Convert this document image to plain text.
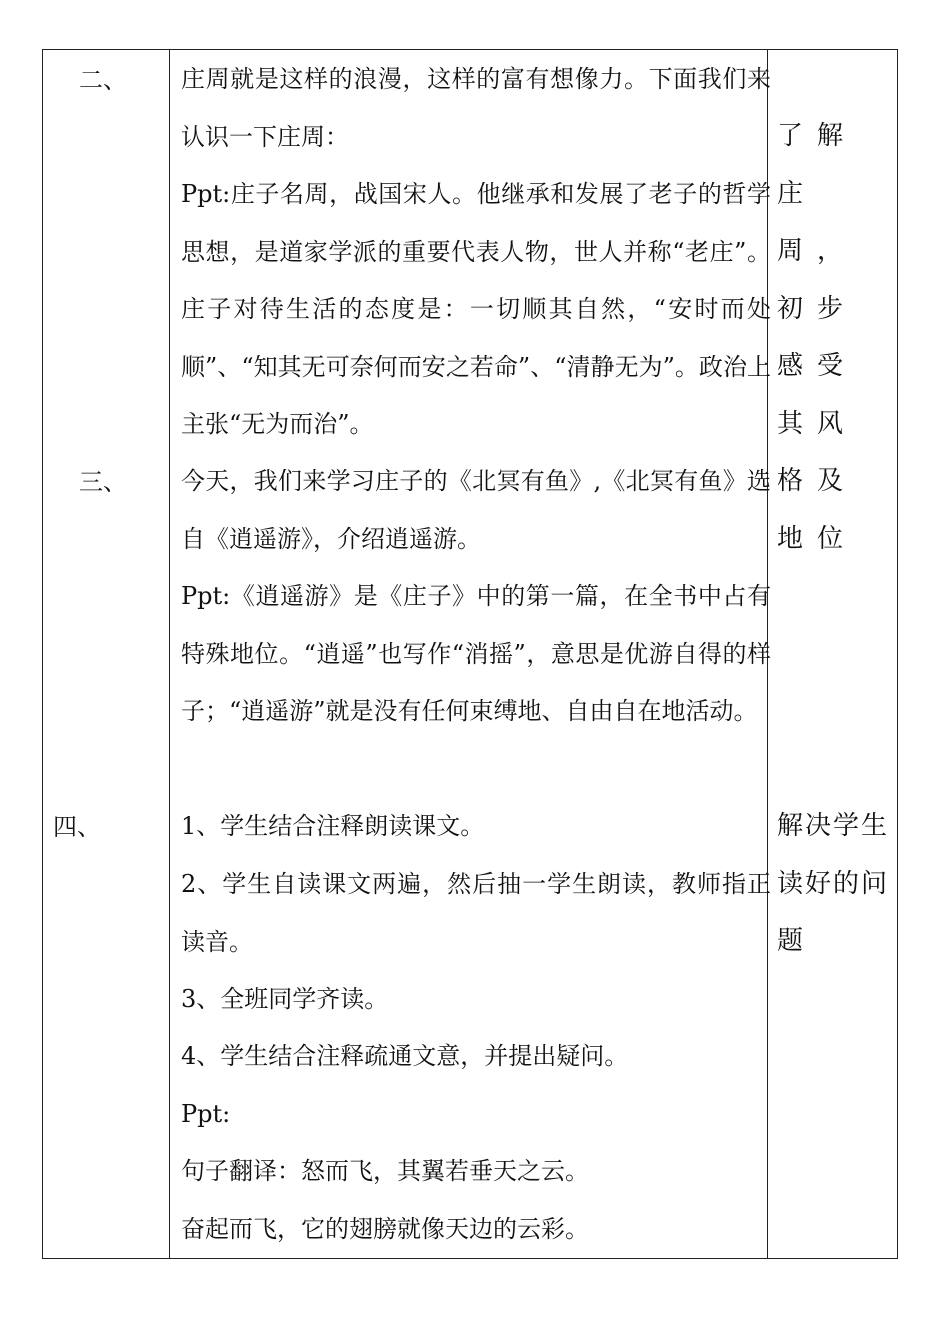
二、
三、
四、

庄周就是这样的浪漫，这样的富有想像力。下面我们来认识一下庄周：

Ppt:庄子名周，战国宋人。他继承和发展了老子的哲学思想，是道家学派的重要代表人物，世人并称“老庄”。庄子对待生活的态度是：一切顺其自然，“安时而处顺”、“知其无可奈何而安之若命”、“清静无为”。政治上主张“无为而治”。

今天，我们来学习庄子的《北冥有鱼》,《北冥有鱼》选自《逍遥游》，介绍逍遥游。

Ppt:《逍遥游》是《庄子》中的第一篇，在全书中占有特殊地位。“逍遥”也写作“消摇”，意思是优游自得的样子；“逍遥游”就是没有任何束缚地、自由自在地活动。

1、学生结合注释朗读课文。

2、学生自读课文两遍，然后抽一学生朗读，教师指正读音。

3、全班同学齐读。

4、学生结合注释疏通文意，并提出疑问。

Ppt:

句子翻译：怒而飞，其翼若垂天之云。

奋起而飞，它的翅膀就像天边的云彩。

了解庄周，初步感受其风格及地位

解决学生读好的问题
